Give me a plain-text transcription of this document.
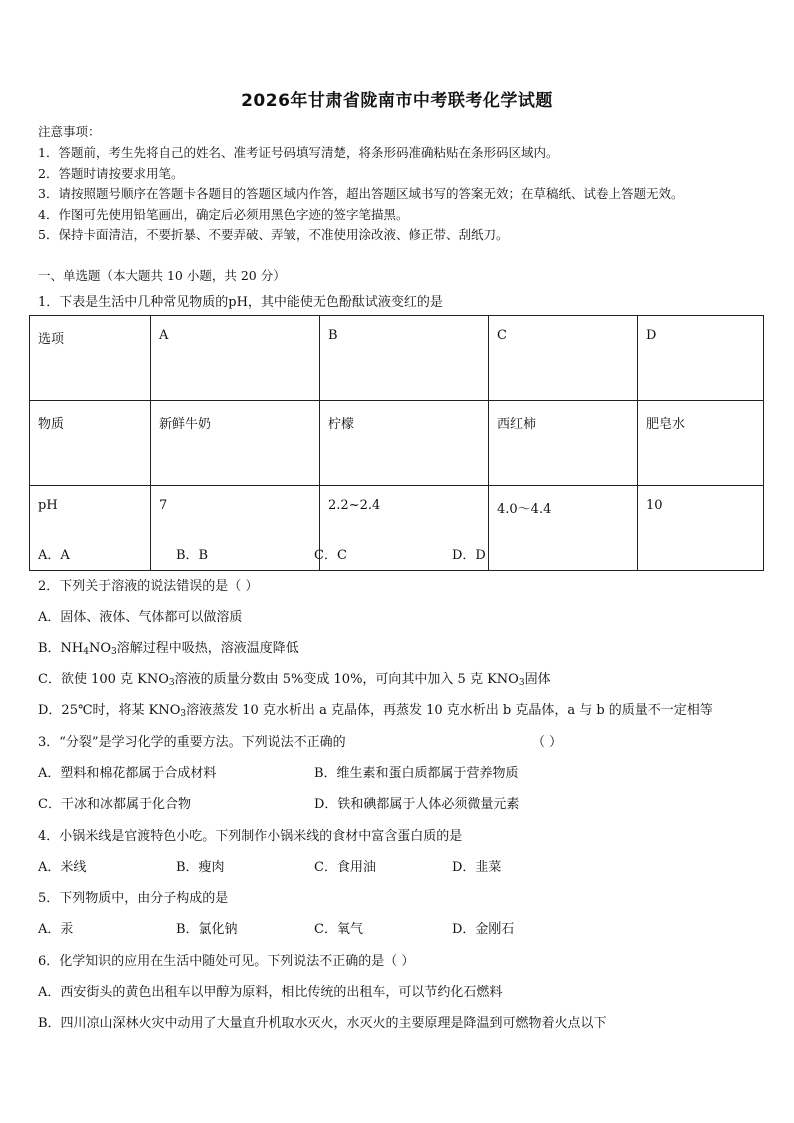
2026年甘肃省陇南市中考联考化学试题
注意事项：
1．答题前，考生先将自己的姓名、准考证号码填写清楚，将条形码准确粘贴在条形码区域内。
2．答题时请按要求用笔。
3．请按照题号顺序在答题卡各题目的答题区域内作答，超出答题区域书写的答案无效；在草稿纸、试卷上答题无效。
4．作图可先使用铅笔画出，确定后必须用黑色字迹的签字笔描黑。
5．保持卡面清洁，不要折暴、不要弄破、弄皱，不准使用涂改液、修正带、刮纸刀。
一、单选题（本大题共 10 小题，共 20 分）
1．下表是生活中几种常见物质的pH，其中能使无色酚酞试液变红的是
选项	A	B	C	D
物质	新鲜牛奶	柠檬	西红柿	肥皂水
pH	7	2.2~2.4	4.0～4.4	10
A．A	B．B	C．C	D．D
2．下列关于溶液的说法错误的是（ ）
A．固体、液体、气体都可以做溶质
B．$NH_4NO_3$溶解过程中吸热，溶液温度降低
C．欲使 100 克 $KNO_3$溶液的质量分数由 5%变成 10%，可向其中加入 5 克 $KNO_3$固体
D．25℃时，将某 $KNO_3$溶液蒸发 10 克水析出 a 克晶体，再蒸发 10 克水析出 b 克晶体，a 与 b 的质量不一定相等
3．“分裂”是学习化学的重要方法。下列说法不正确的	（ ）
A．塑料和棉花都属于合成材料	B．维生素和蛋白质都属于营养物质
C．干冰和冰都属于化合物	D．铁和碘都属于人体必须微量元素
4．小锅米线是官渡特色小吃。下列制作小锅米线的食材中富含蛋白质的是
A．米线	B．瘦肉	C．食用油	D．韭菜
5．下列物质中，由分子构成的是
A．汞	B．氯化钠	C．氧气	D．金刚石
6．化学知识的应用在生活中随处可见。下列说法不正确的是（ ）
A．西安街头的黄色出租车以甲醇为原料，相比传统的出租车，可以节约化石燃料
B．四川凉山深林火灾中动用了大量直升机取水灭火，水灭火的主要原理是降温到可燃物着火点以下
